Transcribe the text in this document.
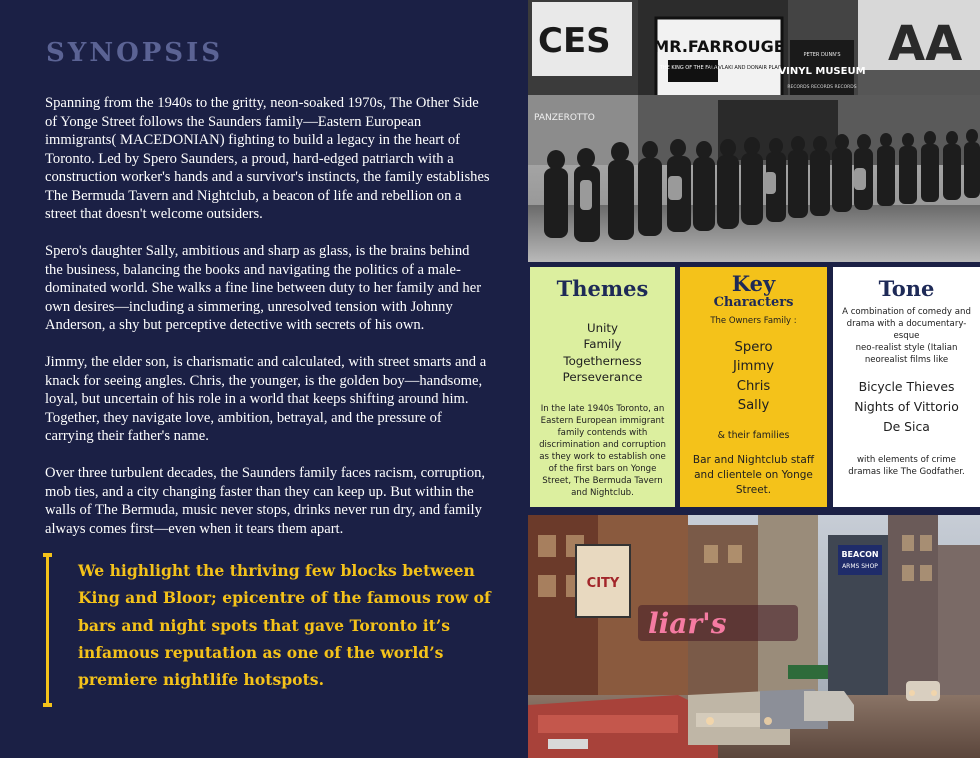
SYNOPSIS

Spanning from the 1940s to the gritty, neon-soaked 1970s, The Other Side of Yonge Street follows the Saunders family—Eastern European immigrants( MACEDONIAN) fighting to build a legacy in the heart of Toronto. Led by Spero Saunders, a proud, hard-edged patriarch with a construction worker's hands and a survivor's instincts, the family establishes The Bermuda Tavern and Nightclub, a beacon of life and rebellion on a street that doesn't welcome outsiders.

Spero's daughter Sally, ambitious and sharp as glass, is the brains behind the business, balancing the books and navigating the politics of a male-dominated world. She walks a fine line between duty to her family and her own desires—including a simmering, unresolved tension with Johnny Anderson, a shy but perceptive detective with secrets of his own.

Jimmy, the elder son, is charismatic and calculated, with street smarts and a knack for seeing angles. Chris, the younger, is the golden boy—handsome, loyal, but uncertain of his role in a world that keeps shifting around him. Together, they navigate love, ambition, betrayal, and the pressure of carrying their father's name.

Over three turbulent decades, the Saunders family faces racism, corruption, mob ties, and a city changing faster than they can keep up. But within the walls of The Bermuda, music never stops, drinks never run dry, and family always comes first—even when it tears them apart.

We highlight the thriving few blocks between King and Bloor; epicentre of the famous row of bars and night spots that gave Toronto it’s infamous reputation as one of the world’s premiere nightlife hotspots.
CES	MR.FARROUGE
THE KING OF THE FALAFEL
SOUVLAKI AND DONAIR PLACE
PETER DUNN'S
VINYL MUSEUM
RECORDS RECORDS RECORDS
AA
PANZEROTTO

Themes

Unity

Family

Togetherness

Perseverance

In the late 1940s Toronto, an Eastern European immigrant family contends with discrimination and corruption as they work to establish one of the first bars on Yonge Street, The Bermuda Tavern and Nightclub.

Key

Characters

The Owners Family :

Spero

Jimmy

Chris

Sally

& their families

Bar and Nightclub staff and clientele on Yonge Street.

Tone

A combination of comedy and drama with a documentary-esque

neo-realist style (Italian neorealist films like

Bicycle Thieves

Nights of Vittorio

De Sica

with elements of crime dramas like The Godfather.

CITY
liar's
BEACON
ARMS SHOP
